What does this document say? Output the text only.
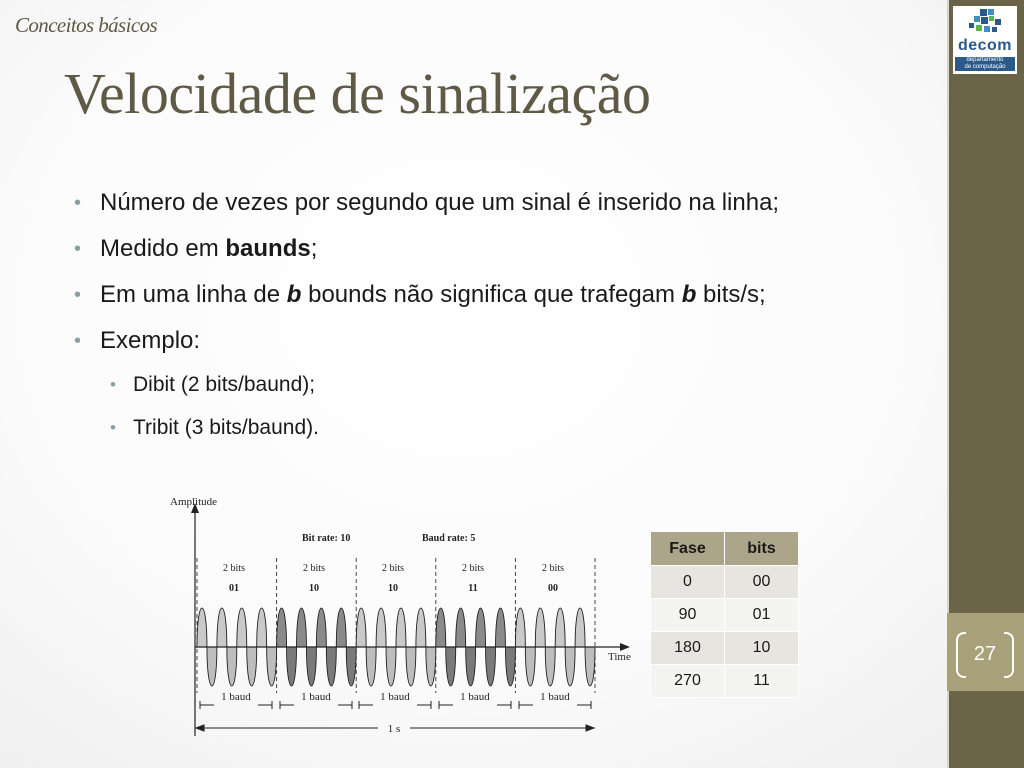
Conceitos básicos
Velocidade de sinalização
• Número de vezes por segundo que um sinal é inserido na linha;
• Medido em baunds;
• Em uma linha de b bounds não significa que trafegam b bits/s;
• Exemplo:
• Dibit (2 bits/baund);
• Tribit (3 bits/baund).
Amplitude
Time
Bit rate: 10	Baud rate: 5
2 bits	2 bits	2 bits	2 bits	2 bits
01	10	10	11	00
1 baud	1 baud	1 baud	1 baud	1 baud
1 s
Fase	bits
0	00
90	01
180	10
270	11
decom
departamento
de computação
27
